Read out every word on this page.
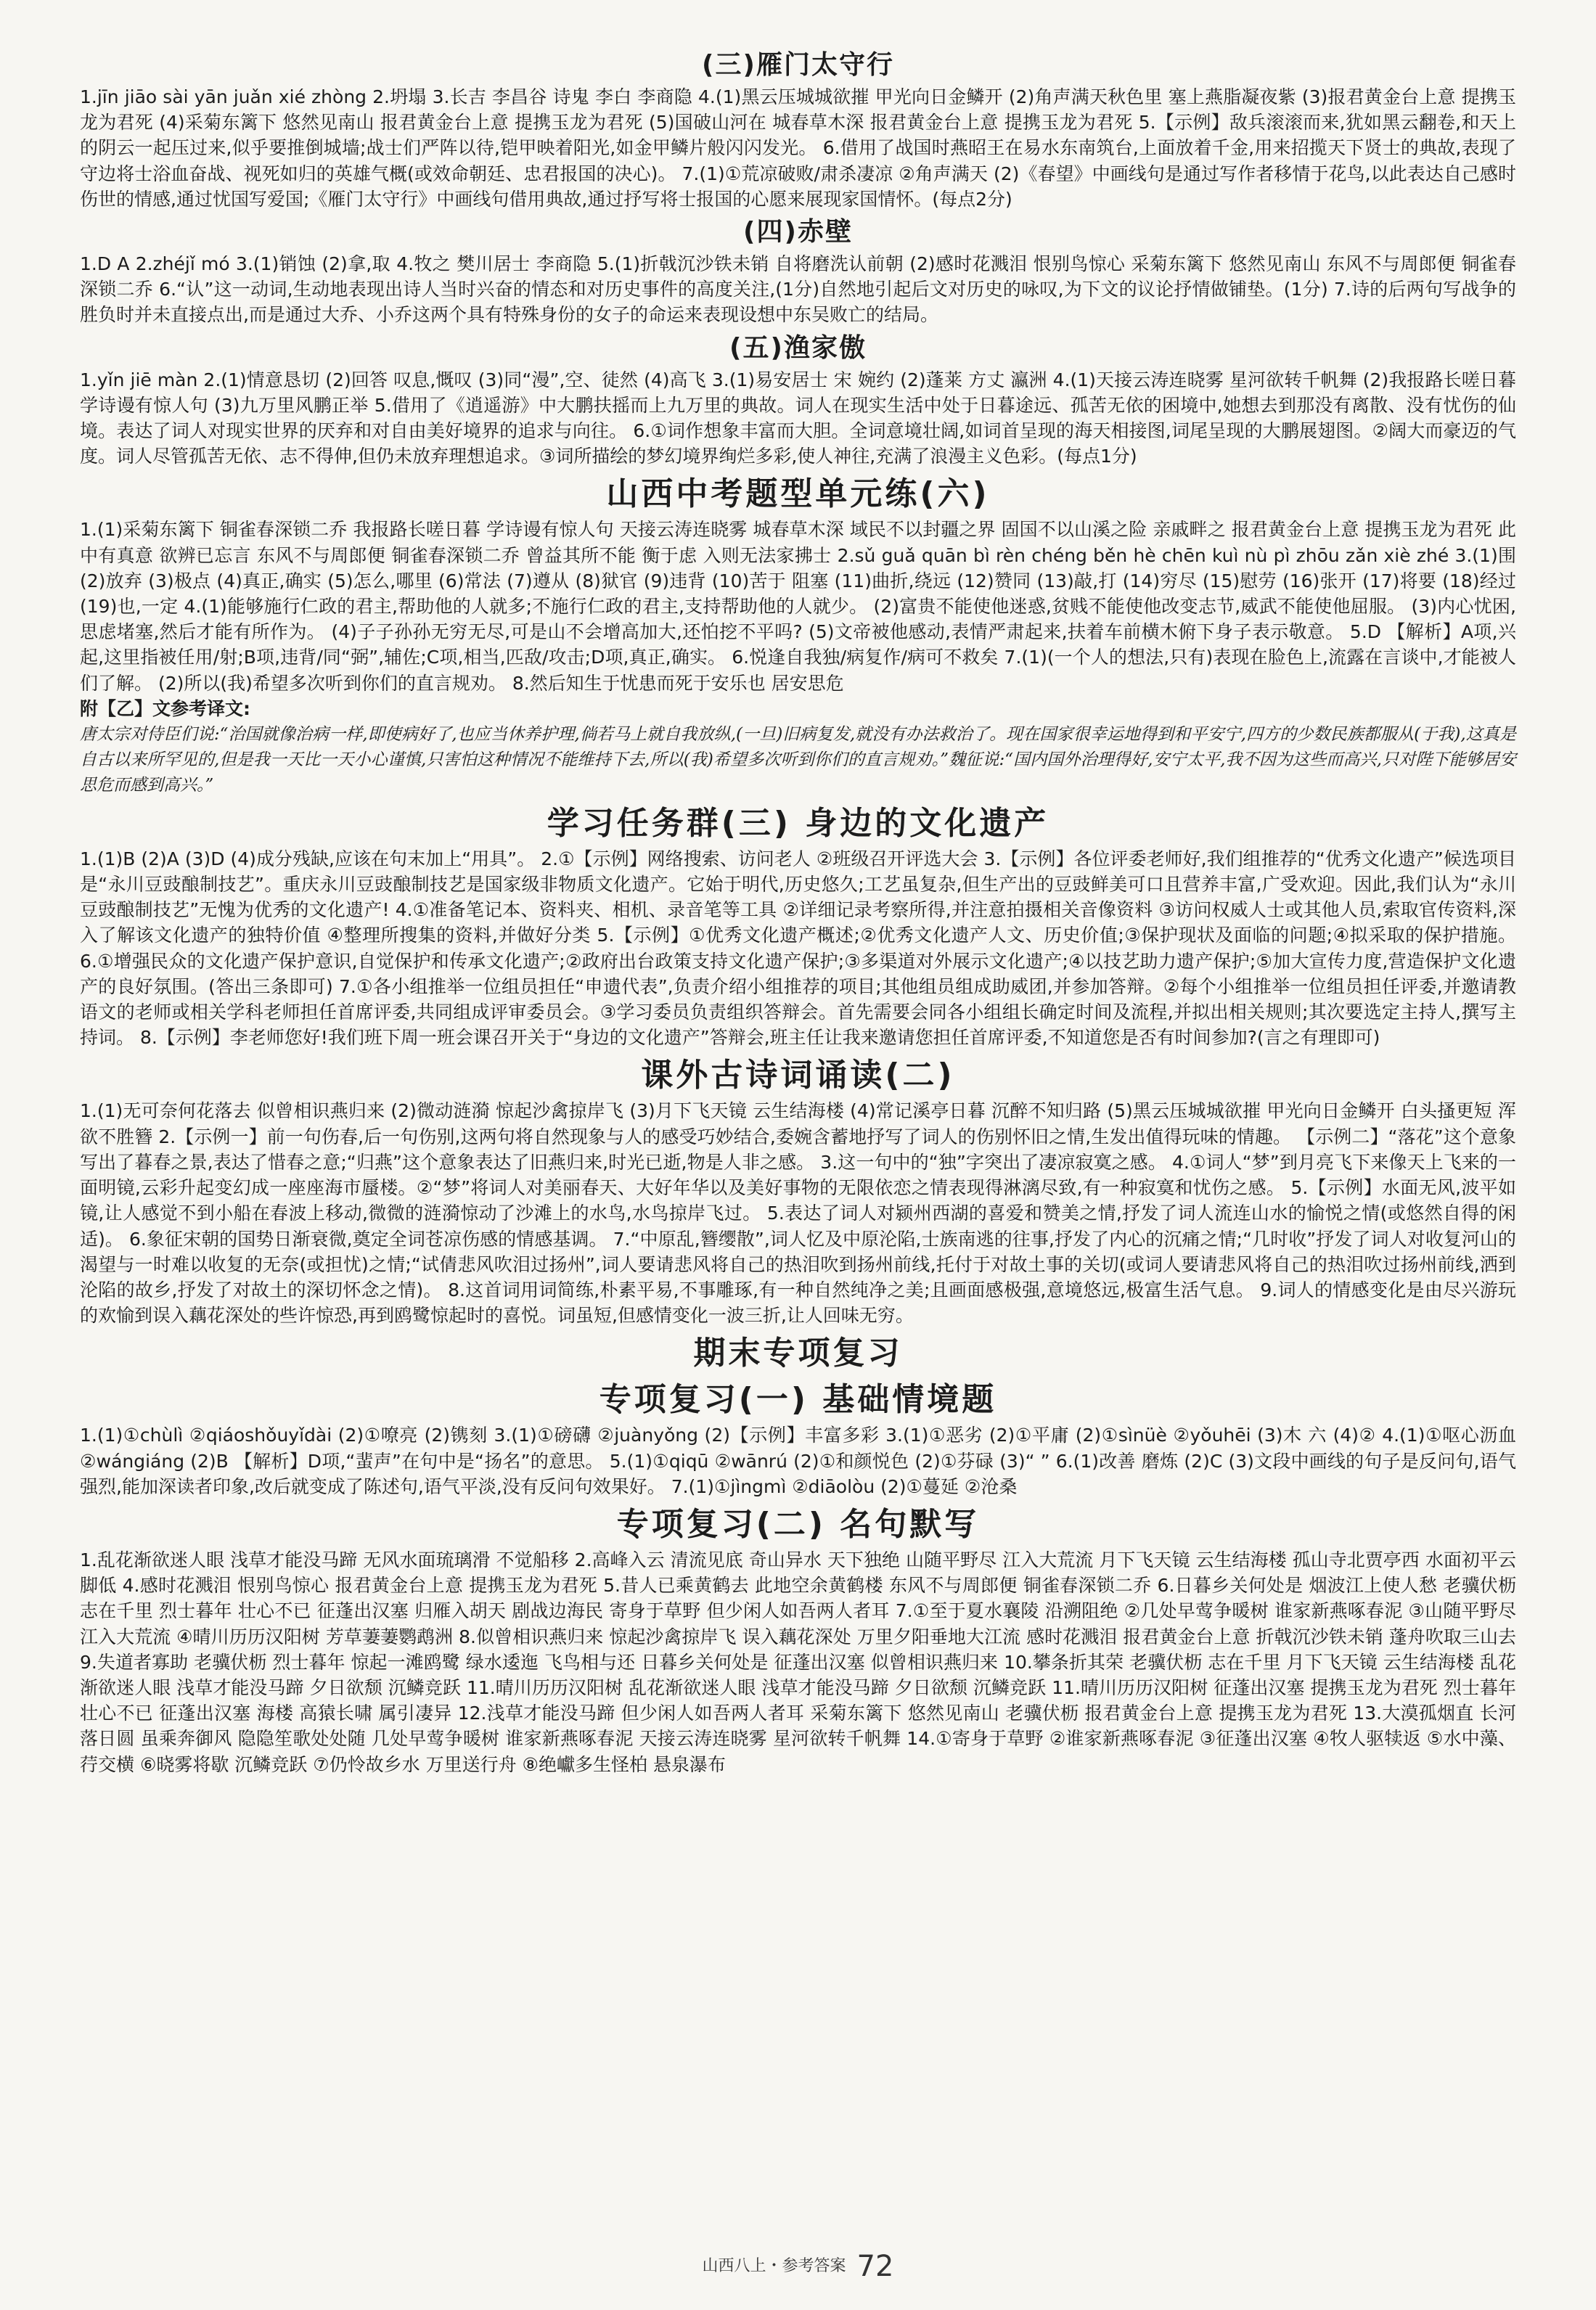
(三)雁门太守行

1.jīn jiāo sài yān juǎn xié zhòng 2.坍塌 3.长吉 李昌谷 诗鬼 李白 李商隐 4.(1)黑云压城城欲摧 甲光向日金鳞开 (2)角声满天秋色里 塞上燕脂凝夜紫 (3)报君黄金台上意 提携玉龙为君死 (4)采菊东篱下 悠然见南山 报君黄金台上意 提携玉龙为君死 (5)国破山河在 城春草木深 报君黄金台上意 提携玉龙为君死 5.【示例】敌兵滚滚而来,犹如黑云翻卷,和天上的阴云一起压过来,似乎要推倒城墙;战士们严阵以待,铠甲映着阳光,如金甲鳞片般闪闪发光。 6.借用了战国时燕昭王在易水东南筑台,上面放着千金,用来招揽天下贤士的典故,表现了守边将士浴血奋战、视死如归的英雄气概(或效命朝廷、忠君报国的决心)。 7.(1)①荒凉破败/肃杀凄凉 ②角声满天 (2)《春望》中画线句是通过写作者移情于花鸟,以此表达自己感时伤世的情感,通过忧国写爱国;《雁门太守行》中画线句借用典故,通过抒写将士报国的心愿来展现家国情怀。(每点2分)

(四)赤壁

1.D A 2.zhéjǐ mó 3.(1)销蚀 (2)拿,取 4.牧之 樊川居士 李商隐 5.(1)折戟沉沙铁未销 自将磨洗认前朝 (2)感时花溅泪 恨别鸟惊心 采菊东篱下 悠然见南山 东风不与周郎便 铜雀春深锁二乔 6.“认”这一动词,生动地表现出诗人当时兴奋的情态和对历史事件的高度关注,(1分)自然地引起后文对历史的咏叹,为下文的议论抒情做铺垫。(1分) 7.诗的后两句写战争的胜负时并未直接点出,而是通过大乔、小乔这两个具有特殊身份的女子的命运来表现设想中东吴败亡的结局。

(五)渔家傲

1.yǐn jiē màn 2.(1)情意恳切 (2)回答 叹息,慨叹 (3)同“漫”,空、徒然 (4)高飞 3.(1)易安居士 宋 婉约 (2)蓬莱 方丈 瀛洲 4.(1)天接云涛连晓雾 星河欲转千帆舞 (2)我报路长嗟日暮 学诗谩有惊人句 (3)九万里风鹏正举 5.借用了《逍遥游》中大鹏扶摇而上九万里的典故。词人在现实生活中处于日暮途远、孤苦无依的困境中,她想去到那没有离散、没有忧伤的仙境。表达了词人对现实世界的厌弃和对自由美好境界的追求与向往。 6.①词作想象丰富而大胆。全词意境壮阔,如词首呈现的海天相接图,词尾呈现的大鹏展翅图。②阔大而豪迈的气度。词人尽管孤苦无依、志不得伸,但仍未放弃理想追求。③词所描绘的梦幻境界绚烂多彩,使人神往,充满了浪漫主义色彩。(每点1分)

山西中考题型单元练(六)

1.(1)采菊东篱下 铜雀春深锁二乔 我报路长嗟日暮 学诗谩有惊人句 天接云涛连晓雾 城春草木深 域民不以封疆之界 固国不以山溪之险 亲戚畔之 报君黄金台上意 提携玉龙为君死 此中有真意 欲辨已忘言 东风不与周郎便 铜雀春深锁二乔 曾益其所不能 衡于虑 入则无法家拂士 2.sǔ guǎ quān bì rèn chéng běn hè chēn kuì nù pì zhōu zǎn xiè zhé 3.(1)围 (2)放弃 (3)极点 (4)真正,确实 (5)怎么,哪里 (6)常法 (7)遵从 (8)狱官 (9)违背 (10)苦于 阻塞 (11)曲折,绕远 (12)赞同 (13)敲,打 (14)穷尽 (15)慰劳 (16)张开 (17)将要 (18)经过 (19)也,一定 4.(1)能够施行仁政的君主,帮助他的人就多;不施行仁政的君主,支持帮助他的人就少。 (2)富贵不能使他迷惑,贫贱不能使他改变志节,威武不能使他屈服。 (3)内心忧困,思虑堵塞,然后才能有所作为。 (4)子子孙孙无穷无尽,可是山不会增高加大,还怕挖不平吗? (5)文帝被他感动,表情严肃起来,扶着车前横木俯下身子表示敬意。 5.D 【解析】A项,兴起,这里指被任用/射;B项,违背/同“弼”,辅佐;C项,相当,匹敌/攻击;D项,真正,确实。 6.悦逢自我独/病复作/病可不救矣 7.(1)(一个人的想法,只有)表现在脸色上,流露在言谈中,才能被人们了解。 (2)所以(我)希望多次听到你们的直言规劝。 8.然后知生于忧患而死于安乐也 居安思危

附【乙】文参考译文:

唐太宗对侍臣们说:“治国就像治病一样,即使病好了,也应当休养护理,倘若马上就自我放纵,(一旦)旧病复发,就没有办法救治了。现在国家很幸运地得到和平安宁,四方的少数民族都服从(于我),这真是自古以来所罕见的,但是我一天比一天小心谨慎,只害怕这种情况不能维持下去,所以(我)希望多次听到你们的直言规劝。”魏征说:“国内国外治理得好,安宁太平,我不因为这些而高兴,只对陛下能够居安思危而感到高兴。”

学习任务群(三) 身边的文化遗产

1.(1)B (2)A (3)D (4)成分残缺,应该在句末加上“用具”。 2.①【示例】网络搜索、访问老人 ②班级召开评选大会 3.【示例】各位评委老师好,我们组推荐的“优秀文化遗产”候选项目是“永川豆豉酿制技艺”。重庆永川豆豉酿制技艺是国家级非物质文化遗产。它始于明代,历史悠久;工艺虽复杂,但生产出的豆豉鲜美可口且营养丰富,广受欢迎。因此,我们认为“永川豆豉酿制技艺”无愧为优秀的文化遗产! 4.①准备笔记本、资料夹、相机、录音笔等工具 ②详细记录考察所得,并注意拍摄相关音像资料 ③访问权威人士或其他人员,索取官传资料,深入了解该文化遗产的独特价值 ④整理所搜集的资料,并做好分类 5.【示例】①优秀文化遗产概述;②优秀文化遗产人文、历史价值;③保护现状及面临的问题;④拟采取的保护措施。 6.①增强民众的文化遗产保护意识,自觉保护和传承文化遗产;②政府出台政策支持文化遗产保护;③多渠道对外展示文化遗产;④以技艺助力遗产保护;⑤加大宣传力度,营造保护文化遗产的良好氛围。(答出三条即可) 7.①各小组推举一位组员担任“申遗代表”,负责介绍小组推荐的项目;其他组员组成助威团,并参加答辩。②每个小组推举一位组员担任评委,并邀请教语文的老师或相关学科老师担任首席评委,共同组成评审委员会。③学习委员负责组织答辩会。首先需要会同各小组组长确定时间及流程,并拟出相关规则;其次要选定主持人,撰写主持词。 8.【示例】李老师您好!我们班下周一班会课召开关于“身边的文化遗产”答辩会,班主任让我来邀请您担任首席评委,不知道您是否有时间参加?(言之有理即可)

课外古诗词诵读(二)

1.(1)无可奈何花落去 似曾相识燕归来 (2)微动涟漪 惊起沙禽掠岸飞 (3)月下飞天镜 云生结海楼 (4)常记溪亭日暮 沉醉不知归路 (5)黑云压城城欲摧 甲光向日金鳞开 白头搔更短 浑欲不胜簪 2.【示例一】前一句伤春,后一句伤别,这两句将自然现象与人的感受巧妙结合,委婉含蓄地抒写了词人的伤别怀旧之情,生发出值得玩味的情趣。 【示例二】“落花”这个意象写出了暮春之景,表达了惜春之意;“归燕”这个意象表达了旧燕归来,时光已逝,物是人非之感。 3.这一句中的“独”字突出了凄凉寂寞之感。 4.①词人“梦”到月亮飞下来像天上飞来的一面明镜,云彩升起变幻成一座座海市蜃楼。②“梦”将词人对美丽春天、大好年华以及美好事物的无限依恋之情表现得淋漓尽致,有一种寂寞和忧伤之感。 5.【示例】水面无风,波平如镜,让人感觉不到小船在春波上移动,微微的涟漪惊动了沙滩上的水鸟,水鸟掠岸飞过。 5.表达了词人对颍州西湖的喜爱和赞美之情,抒发了词人流连山水的愉悦之情(或悠然自得的闲适)。 6.象征宋朝的国势日渐衰微,奠定全词苍凉伤感的情感基调。 7.“中原乱,簪缨散”,词人忆及中原沦陷,士族南逃的往事,抒发了内心的沉痛之情;“几时收”抒发了词人对收复河山的渴望与一时难以收复的无奈(或担忧)之情;“试倩悲风吹泪过扬州”,词人要请悲风将自己的热泪吹到扬州前线,托付于对故土事的关切(或词人要请悲风将自己的热泪吹过扬州前线,洒到沦陷的故乡,抒发了对故土的深切怀念之情)。 8.这首词用词简练,朴素平易,不事雕琢,有一种自然纯净之美;且画面感极强,意境悠远,极富生活气息。 9.词人的情感变化是由尽兴游玩的欢愉到误入藕花深处的些许惊恐,再到鸥鹭惊起时的喜悦。词虽短,但感情变化一波三折,让人回味无穷。

期末专项复习
专项复习(一) 基础情境题

1.(1)①chùlì ②qiáoshǒuyǐdài (2)①嘹亮 (2)镌刻 3.(1)①磅礴 ②juànyǒng (2)【示例】丰富多彩 3.(1)①恶劣 (2)①平庸 (2)①sìnüè ②yǒuhēi (3)木 六 (4)② 4.(1)①呕心沥血 ②wángiáng (2)B 【解析】D项,“蜚声”在句中是“扬名”的意思。 5.(1)①qiqū ②wānrú (2)①和颜悦色 (2)①芬碌 (3)“ ” 6.(1)改善 磨炼 (2)C (3)文段中画线的句子是反问句,语气强烈,能加深读者印象,改后就变成了陈述句,语气平淡,没有反问句效果好。 7.(1)①jìngmì ②diāolòu (2)①蔓延 ②沧桑

专项复习(二) 名句默写

1.乱花渐欲迷人眼 浅草才能没马蹄 无风水面琉璃滑 不觉船移 2.高峰入云 清流见底 奇山异水 天下独绝 山随平野尽 江入大荒流 月下飞天镜 云生结海楼 孤山寺北贾亭西 水面初平云脚低 4.感时花溅泪 恨别鸟惊心 报君黄金台上意 提携玉龙为君死 5.昔人已乘黄鹤去 此地空余黄鹤楼 东风不与周郎便 铜雀春深锁二乔 6.日暮乡关何处是 烟波江上使人愁 老骥伏枥 志在千里 烈士暮年 壮心不已 征蓬出汉塞 归雁入胡天 剧战边海民 寄身于草野 但少闲人如吾两人者耳 7.①至于夏水襄陵 沿溯阻绝 ②几处早莺争暖树 谁家新燕啄春泥 ③山随平野尽 江入大荒流 ④晴川历历汉阳树 芳草萋萋鹦鹉洲 8.似曾相识燕归来 惊起沙禽掠岸飞 误入藕花深处 万里夕阳垂地大江流 感时花溅泪 报君黄金台上意 折戟沉沙铁未销 蓬舟吹取三山去 9.失道者寡助 老骥伏枥 烈士暮年 惊起一滩鸥鹭 绿水逶迤 飞鸟相与还 日暮乡关何处是 征蓬出汉塞 似曾相识燕归来 10.攀条折其荣 老骥伏枥 志在千里 月下飞天镜 云生结海楼 乱花渐欲迷人眼 浅草才能没马蹄 夕日欲颓 沉鳞竞跃 11.晴川历历汉阳树 乱花渐欲迷人眼 浅草才能没马蹄 夕日欲颓 沉鳞竞跃 11.晴川历历汉阳树 征蓬出汉塞 提携玉龙为君死 烈士暮年 壮心不已 征蓬出汉塞 海楼 高猿长啸 属引凄异 12.浅草才能没马蹄 但少闲人如吾两人者耳 采菊东篱下 悠然见南山 老骥伏枥 报君黄金台上意 提携玉龙为君死 13.大漠孤烟直 长河落日圆 虽乘奔御风 隐隐笙歌处处随 几处早莺争暖树 谁家新燕啄春泥 天接云涛连晓雾 星河欲转千帆舞 14.①寄身于草野 ②谁家新燕啄春泥 ③征蓬出汉塞 ④牧人驱犊返 ⑤水中藻、荇交横 ⑥晓雾将歇 沉鳞竞跃 ⑦仍怜故乡水 万里送行舟 ⑧绝巘多生怪柏 悬泉瀑布

山西八上・参考答案 72
